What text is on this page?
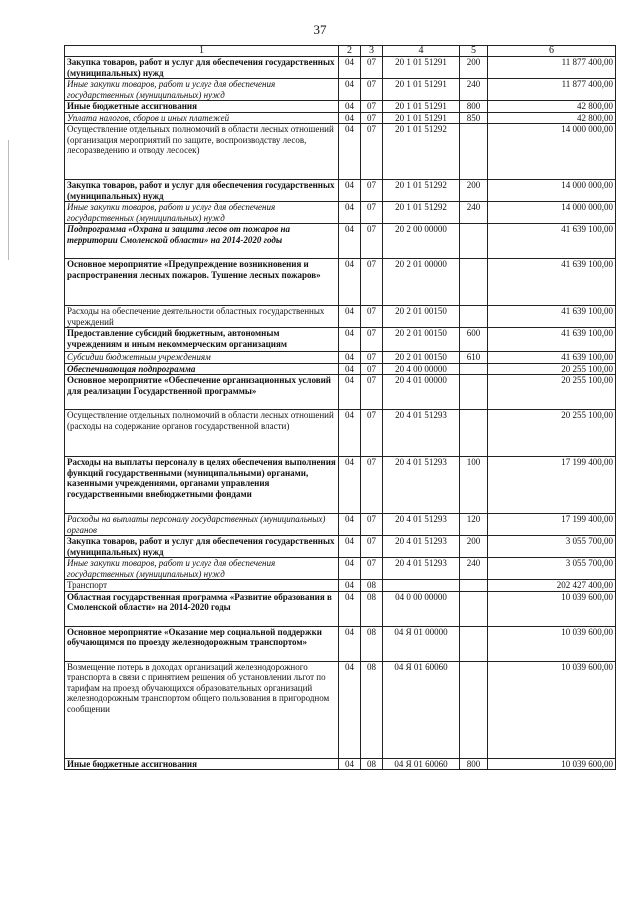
37
1	2	3	4	5	6
Закупка товаров, работ и услуг для обеспечения государственных (муниципальных) нужд	04	07	20 1 01 51291	200	11 877 400,00
Иные закупки товаров, работ и услуг для обеспечения государственных (муниципальных) нужд	04	07	20 1 01 51291	240	11 877 400,00
Иные бюджетные ассигнования	04	07	20 1 01 51291	800	42 800,00
Уплата налогов, сборов и иных платежей	04	07	20 1 01 51291	850	42 800,00
Осуществление отдельных полномочий в области лесных отношений (организация мероприятий по защите, воспроизводству лесов, лесоразведению и отводу лесосек)	04	07	20 1 01 51292		14 000 000,00
Закупка товаров, работ и услуг для обеспечения государственных (муниципальных) нужд	04	07	20 1 01 51292	200	14 000 000,00
Иные закупки товаров, работ и услуг для обеспечения государственных (муниципальных) нужд	04	07	20 1 01 51292	240	14 000 000,00
Подпрограмма «Охрана и защита лесов от пожаров на территории Смоленской области» на 2014-2020 годы	04	07	20 2 00 00000		41 639 100,00
Основное мероприятие «Предупреждение возникновения и распространения лесных пожаров. Тушение лесных пожаров»	04	07	20 2 01 00000		41 639 100,00
Расходы на обеспечение деятельности областных государственных учреждений	04	07	20 2 01 00150		41 639 100,00
Предоставление субсидий бюджетным, автономным учреждениям и иным некоммерческим организациям	04	07	20 2 01 00150	600	41 639 100,00
Субсидии бюджетным учреждениям	04	07	20 2 01 00150	610	41 639 100,00
Обеспечивающая подпрограмма	04	07	20 4 00 00000		20 255 100,00
Основное мероприятие «Обеспечение организационных условий для реализации Государственной программы»	04	07	20 4 01 00000		20 255 100,00
Осуществление отдельных полномочий в области лесных отношений (расходы на содержание органов государственной власти)	04	07	20 4 01 51293		20 255 100,00
Расходы на выплаты персоналу в целях обеспечения выполнения функций государственными (муниципальными) органами, казенными учреждениями, органами управления государственными внебюджетными фондами	04	07	20 4 01 51293	100	17 199 400,00
Расходы на выплаты персоналу государственных (муниципальных) органов	04	07	20 4 01 51293	120	17 199 400,00
Закупка товаров, работ и услуг для обеспечения государственных (муниципальных) нужд	04	07	20 4 01 51293	200	3 055 700,00
Иные закупки товаров, работ и услуг для обеспечения государственных (муниципальных) нужд	04	07	20 4 01 51293	240	3 055 700,00
Транспорт	04	08			202 427 400,00
Областная государственная программа «Развитие образования в Смоленской области» на 2014-2020 годы	04	08	04 0 00 00000		10 039 600,00
Основное мероприятие «Оказание мер социальной поддержки обучающимся по проезду железнодорожным транспортом»	04	08	04 Я 01 00000		10 039 600,00
Возмещение потерь в доходах организаций железнодорожного транспорта в связи с принятием решения об установлении льгот по тарифам на проезд обучающихся образовательных организаций железнодорожным транспортом общего пользования в пригородном сообщении	04	08	04 Я 01 60060		10 039 600,00
Иные бюджетные ассигнования	04	08	04 Я 01 60060	800	10 039 600,00
